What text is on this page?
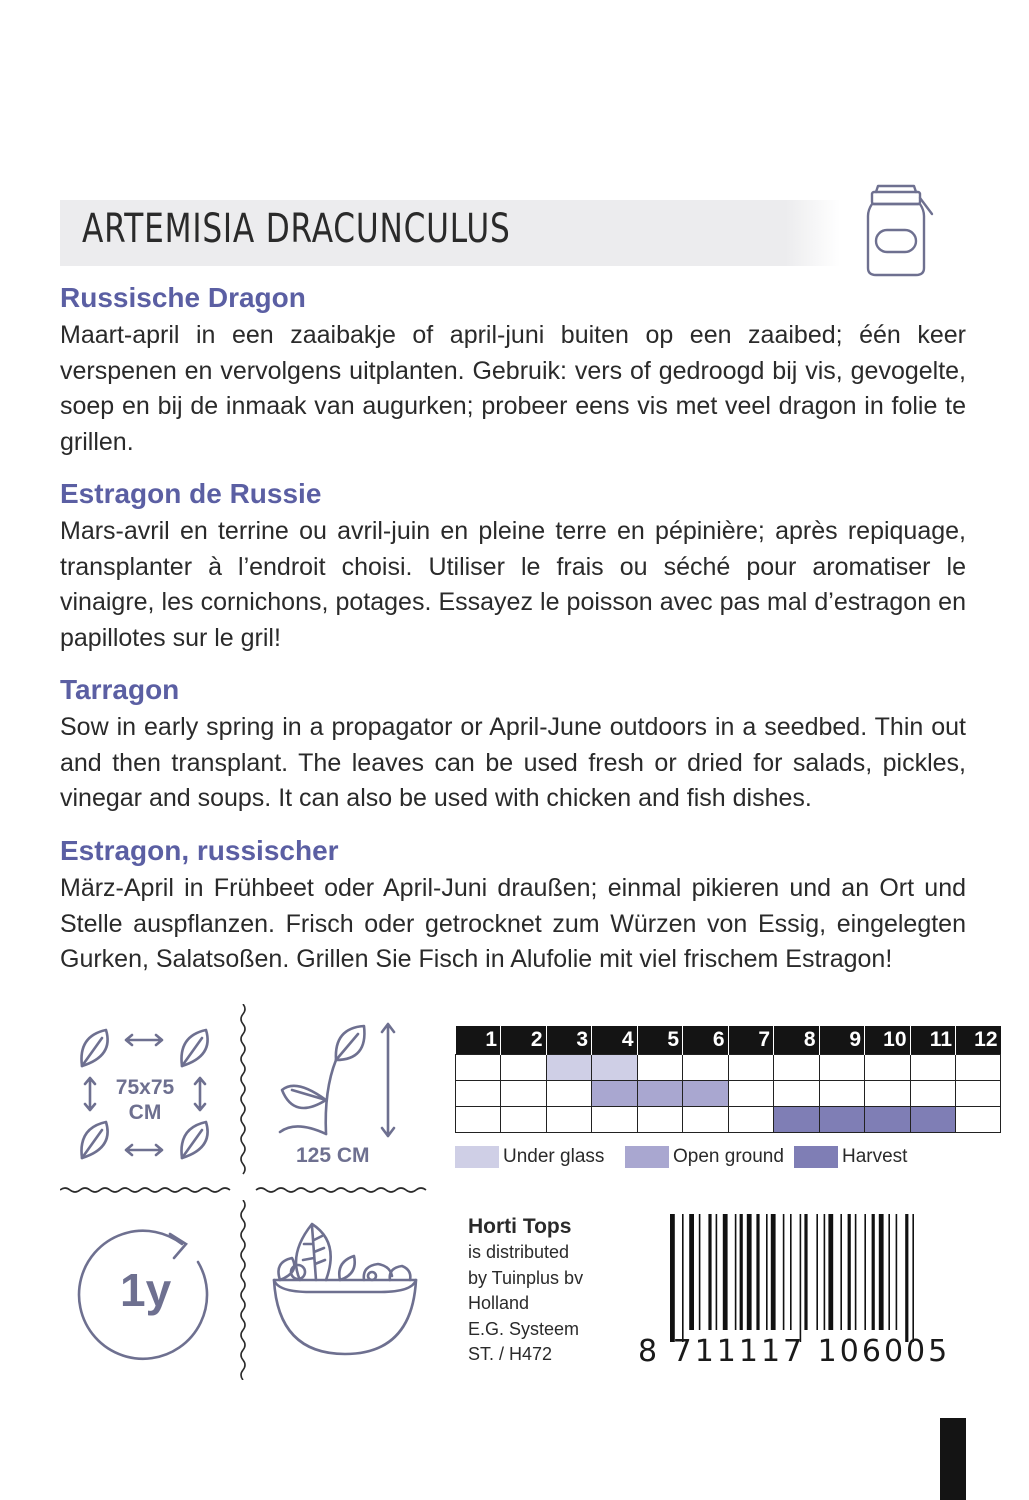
ARTEMISIA DRACUNCULUS
Russische Dragon
Maart-april in een zaaibakje of april-juni buiten op een zaaibed; één keer verspenen en vervolgens uitplanten. Gebruik: vers of gedroogd bij vis, gevogelte, soep en bij de inmaak van augurken; probeer eens vis met veel dragon in folie te grillen.
Estragon de Russie
Mars-avril en terrine ou avril-juin en pleine terre en pépinière; après repiquage, transplanter à l’endroit choisi. Utiliser le frais ou séché pour aromatiser le vinaigre, les cornichons, potages. Essayez le poisson avec pas mal d’estragon en papillotes sur le gril!
Tarragon
Sow in early spring in a propagator or April-June outdoors in a seedbed. Thin out and then transplant. The leaves can be used fresh or dried for salads, pickles, vinegar and soups. It can also be used with chicken and fish dishes.
Estragon, russischer
März-April in Frühbeet oder April-Juni draußen; einmal pikieren und an Ort und Stelle auspflanzen. Frisch oder getrocknet zum Würzen von Essig, eingelegten Gurken, Salatsoßen. Grillen Sie Fisch in Alufolie mit viel frischem Estragon!
75x75
CM
125 CM
1y
1	2	3	4	5	6	7	8	9	10	11	12

Under glass	Open ground	Harvest
Horti Tops
is distributed
by Tuinplus bv
Holland
E.G. Systeem
ST. / H472	8 711117 106005
